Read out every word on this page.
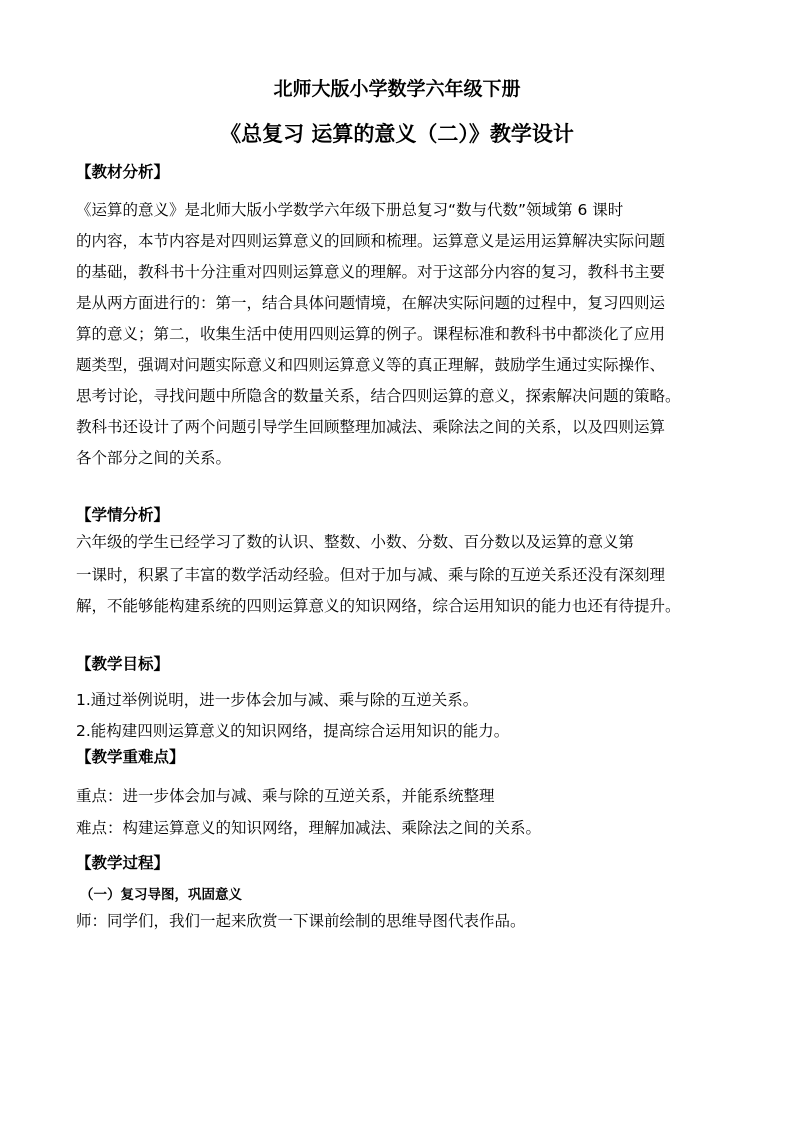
北师大版小学数学六年级下册
《总复习 运算的意义（二）》教学设计
【教材分析】
《运算的意义》是北师大版小学数学六年级下册总复习“数与代数”领域第 6 课时
的内容，本节内容是对四则运算意义的回顾和梳理。运算意义是运用运算解决实际问题
的基础，教科书十分注重对四则运算意义的理解。对于这部分内容的复习，教科书主要
是从两方面进行的：第一，结合具体问题情境，在解决实际问题的过程中，复习四则运
算的意义；第二，收集生活中使用四则运算的例子。课程标准和教科书中都淡化了应用
题类型，强调对问题实际意义和四则运算意义等的真正理解，鼓励学生通过实际操作、
思考讨论，寻找问题中所隐含的数量关系，结合四则运算的意义，探索解决问题的策略。
教科书还设计了两个问题引导学生回顾整理加减法、乘除法之间的关系，以及四则运算
各个部分之间的关系。
【学情分析】
六年级的学生已经学习了数的认识、整数、小数、分数、百分数以及运算的意义第
一课时，积累了丰富的数学活动经验。但对于加与减、乘与除的互逆关系还没有深刻理
解，不能够能构建系统的四则运算意义的知识网络，综合运用知识的能力也还有待提升。
【教学目标】
1.通过举例说明，进一步体会加与减、乘与除的互逆关系。
2.能构建四则运算意义的知识网络，提高综合运用知识的能力。
【教学重难点】
重点：进一步体会加与减、乘与除的互逆关系，并能系统整理
难点：构建运算意义的知识网络，理解加减法、乘除法之间的关系。
【教学过程】
（一）复习导图，巩固意义
师：同学们，我们一起来欣赏一下课前绘制的思维导图代表作品。
